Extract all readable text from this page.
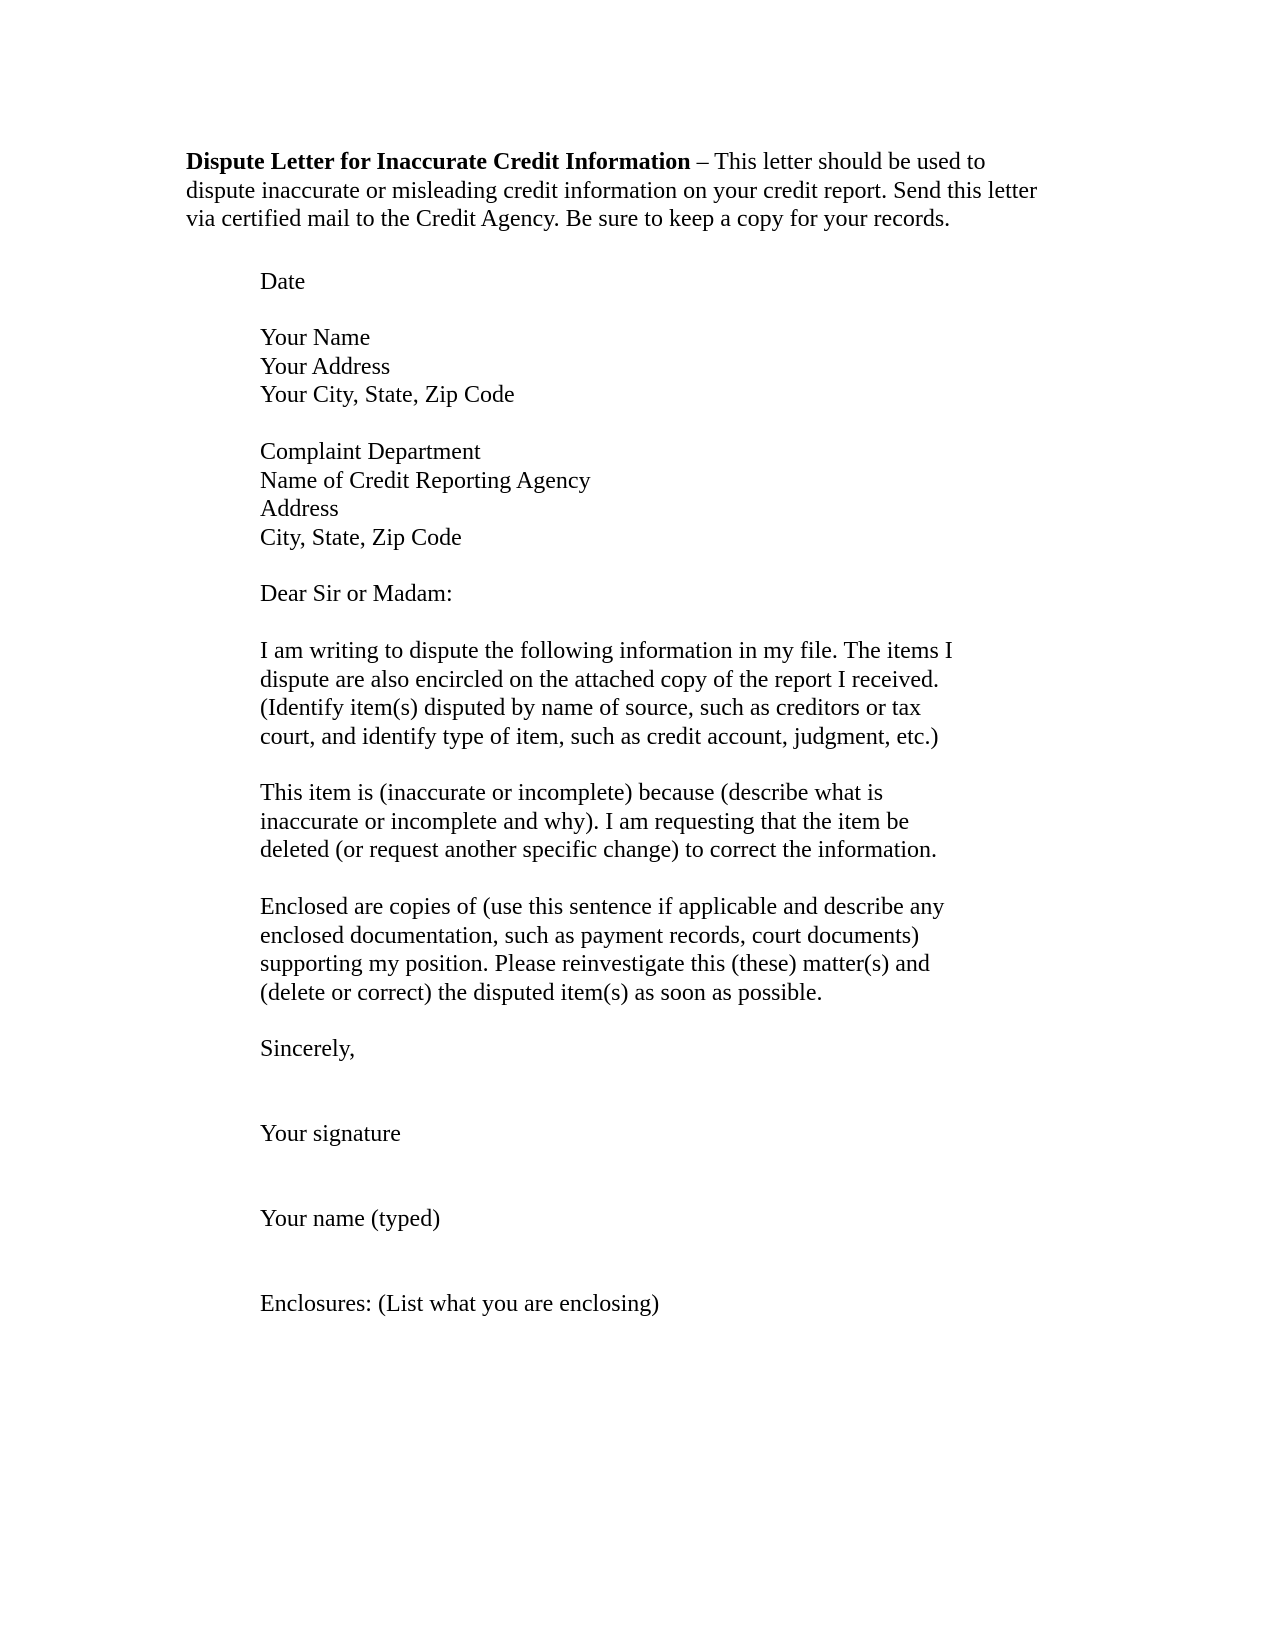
Dispute Letter for Inaccurate Credit Information – This letter should be used to
dispute inaccurate or misleading credit information on your credit report. Send this letter
via certified mail to the Credit Agency. Be sure to keep a copy for your records.

Date

Your Name
Your Address
Your City, State, Zip Code

Complaint Department
Name of Credit Reporting Agency
Address
City, State, Zip Code

Dear Sir or Madam:

I am writing to dispute the following information in my file. The items I
dispute are also encircled on the attached copy of the report I received.
(Identify item(s) disputed by name of source, such as creditors or tax
court, and identify type of item, such as credit account, judgment, etc.)

This item is (inaccurate or incomplete) because (describe what is
inaccurate or incomplete and why). I am requesting that the item be
deleted (or request another specific change) to correct the information.

Enclosed are copies of (use this sentence if applicable and describe any
enclosed documentation, such as payment records, court documents)
supporting my position. Please reinvestigate this (these) matter(s) and
(delete or correct) the disputed item(s) as soon as possible.

Sincerely,

Your signature

Your name (typed)

Enclosures: (List what you are enclosing)
